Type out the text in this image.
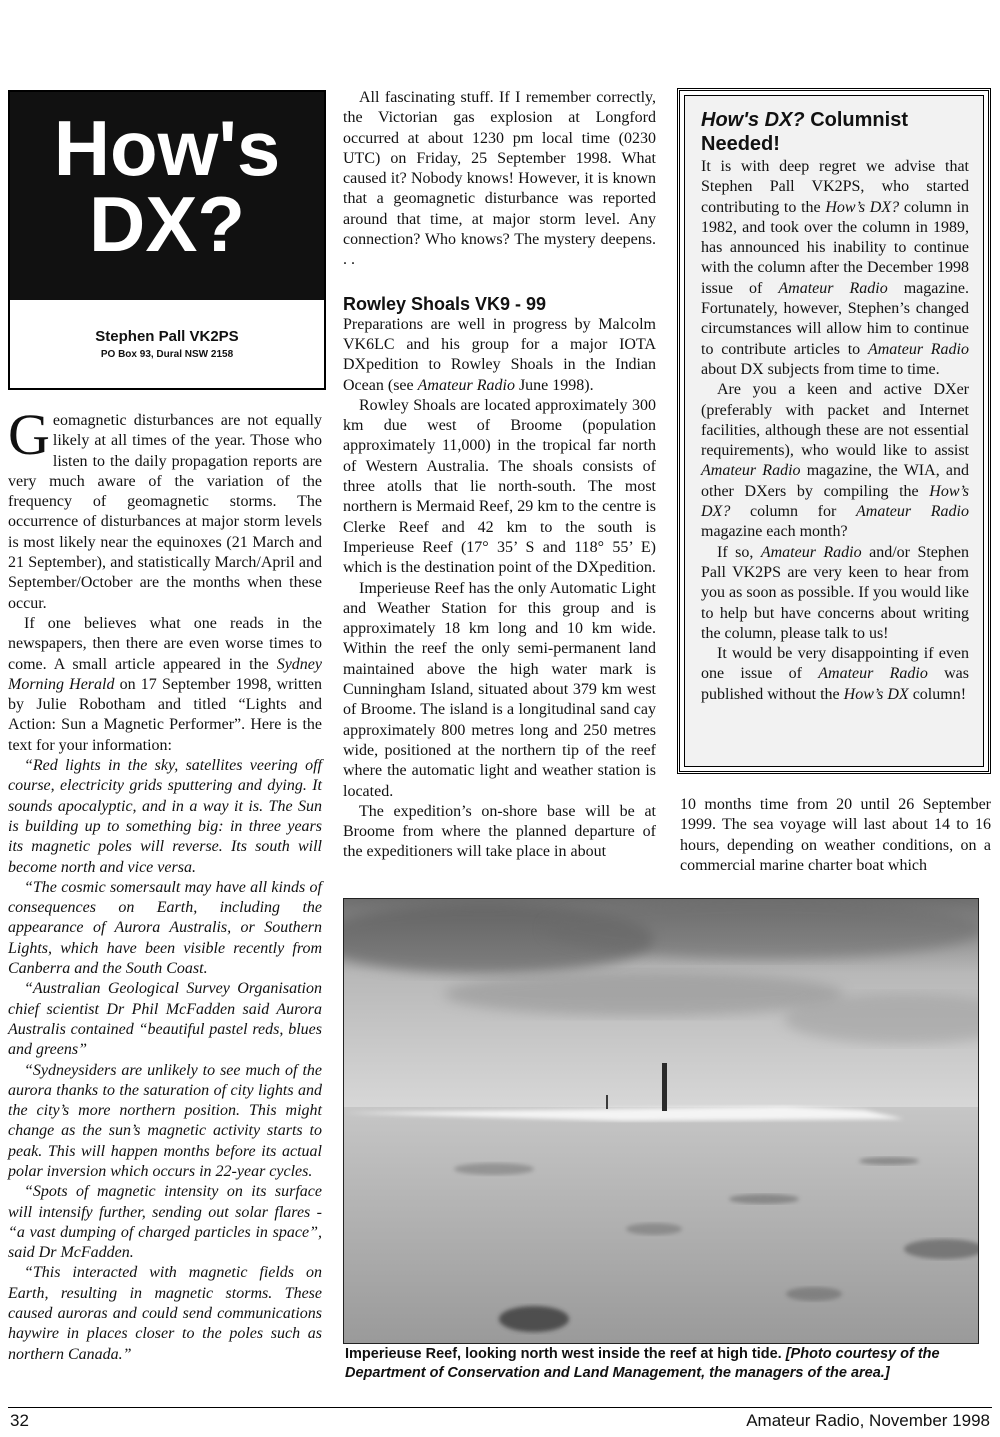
How's
DX?
Stephen Pall VK2PS
PO Box 93, Dural NSW 2158

Geomagnetic disturbances are not equally likely at all times of the year. Those who listen to the daily propagation reports are very much aware of the variation of the frequency of geomagnetic storms. The occurrence of disturbances at major storm levels is most likely near the equinoxes (21 March and 21 September), and statistically March/April and September/October are the months when these occur.

If one believes what one reads in the newspapers, then there are even worse times to come. A small article appeared in the Sydney Morning Herald on 17 September 1998, written by Julie Robotham and titled “Lights and Action: Sun a Magnetic Performer”. Here is the text for your information:

“Red lights in the sky, satellites veering off course, electricity grids sputtering and dying. It sounds apocalyptic, and in a way it is. The Sun is building up to something big: in three years its magnetic poles will reverse. Its south will become north and vice versa.

“The cosmic somersault may have all kinds of consequences on Earth, including the appearance of Aurora Australis, or Southern Lights, which have been visible recently from Canberra and the South Coast.

“Australian Geological Survey Organisation chief scientist Dr Phil McFadden said Aurora Australis contained “beautiful pastel reds, blues and greens”

“Sydneysiders are unlikely to see much of the aurora thanks to the saturation of city lights and the city’s more northern position. This might change as the sun’s magnetic activity starts to peak. This will happen months before its actual polar inversion which occurs in 22-year cycles.

“Spots of magnetic intensity on its surface will intensify further, sending out solar flares - “a vast dumping of charged particles in space”, said Dr McFadden.

“This interacted with magnetic fields on Earth, resulting in magnetic storms. These caused auroras and could send communications haywire in places closer to the poles such as northern Canada.”

All fascinating stuff. If I remember correctly, the Victorian gas explosion at Longford occurred at about 1230 pm local time (0230 UTC) on Friday, 25 September 1998. What caused it? Nobody knows! However, it is known that a geomagnetic disturbance was reported around that time, at major storm level. Any connection? Who knows? The mystery deepens. . .

Rowley Shoals VK9 - 99

Preparations are well in progress by Malcolm VK6LC and his group for a major IOTA DXpedition to Rowley Shoals in the Indian Ocean (see Amateur Radio June 1998).

Rowley Shoals are located approximately 300 km due west of Broome (population approximately 11,000) in the tropical far north of Western Australia. The shoals consists of three atolls that lie north-south. The most northern is Mermaid Reef, 29 km to the centre is Clerke Reef and 42 km to the south is Imperieuse Reef (17° 35’ S and 118° 55’ E) which is the destination point of the DXpedition.

Imperieuse Reef has the only Automatic Light and Weather Station for this group and is approximately 18 km long and 10 km wide. Within the reef the only semi-permanent land maintained above the high water mark is Cunningham Island, situated about 379 km west of Broome. The island is a longitudinal sand cay approximately 800 metres long and 250 metres wide, positioned at the northern tip of the reef where the automatic light and weather station is located.

The expedition’s on-shore base will be at Broome from where the planned departure of the expeditioners will take place in about

How's DX? Columnist Needed!

It is with deep regret we advise that Stephen Pall VK2PS, who started contributing to the How’s DX? column in 1982, and took over the column in 1989, has announced his inability to continue with the column after the December 1998 issue of Amateur Radio magazine. Fortunately, however, Stephen’s changed circumstances will allow him to continue to contribute articles to Amateur Radio about DX subjects from time to time.

Are you a keen and active DXer (preferably with packet and Internet facilities, although these are not essential requirements), who would like to assist Amateur Radio magazine, the WIA, and other DXers by compiling the How’s DX? column for Amateur Radio magazine each month?

If so, Amateur Radio and/or Stephen Pall VK2PS are very keen to hear from you as soon as possible. If you would like to help but have concerns about writing the column, please talk to us!

It would be very disappointing if even one issue of Amateur Radio was published without the How’s DX column!

10 months time from 20 until 26 September 1999. The sea voyage will last about 14 to 16 hours, depending on weather conditions, on a commercial marine charter boat which

Imperieuse Reef, looking north west inside the reef at high tide. [Photo courtesy of the Department of Conservation and Land Management, the managers of the area.]
32	Amateur Radio, November 1998
